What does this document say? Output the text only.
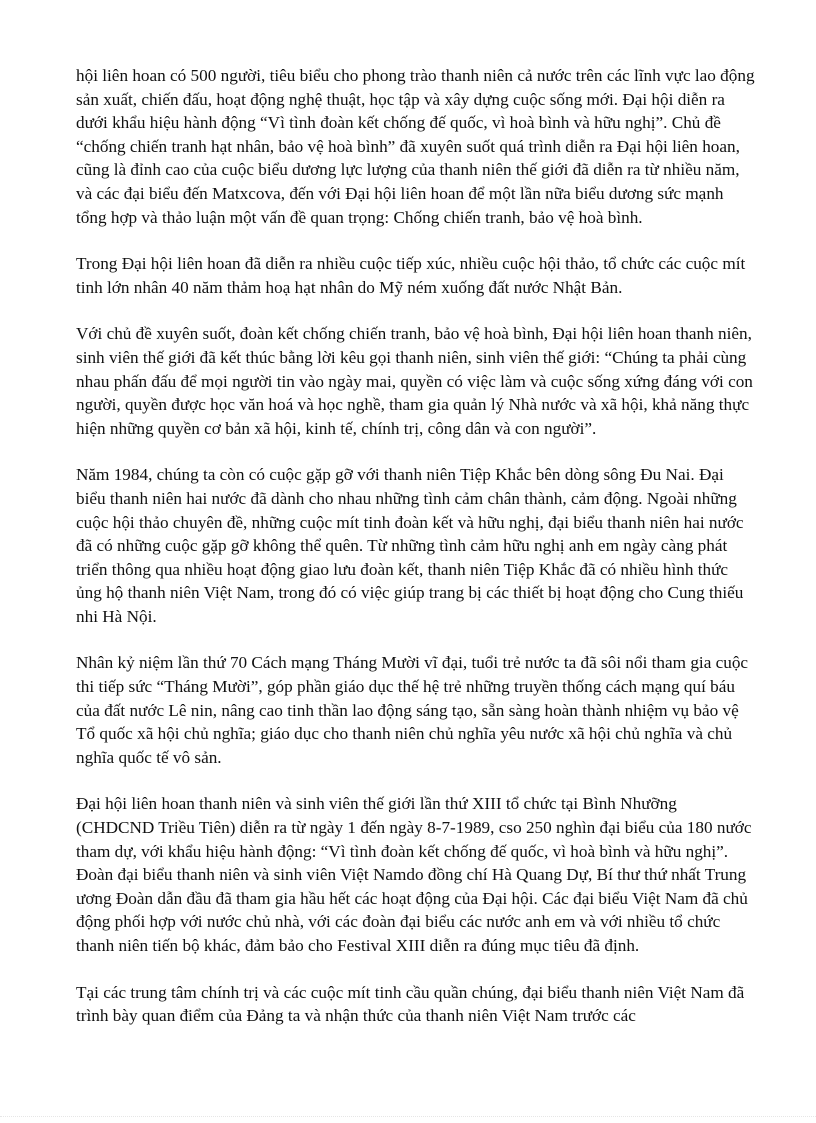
hội liên hoan có 500 người, tiêu biểu cho phong trào thanh niên cả nước trên các lĩnh vực lao động sản xuất, chiến đấu, hoạt động nghệ thuật, học tập và xây dựng cuộc sống mới. Đại hội diễn ra dưới khẩu hiệu hành động “Vì tình đoàn kết chống đế quốc, vì hoà bình và hữu nghị”. Chủ đề “chống chiến tranh hạt nhân, bảo vệ hoà bình” đã xuyên suốt quá trình diễn ra Đại hội liên hoan, cũng là đỉnh cao của cuộc biểu dương lực lượng của thanh niên thế giới đã diễn ra từ nhiều năm, và các đại biểu đến Matxcova, đến với Đại hội liên hoan để một lần nữa biểu dương sức mạnh tổng hợp và thảo luận một vấn đề quan trọng: Chống chiến tranh, bảo vệ hoà bình.

Trong Đại hội liên hoan đã diễn ra nhiều cuộc tiếp xúc, nhiều cuộc hội thảo, tổ chức các cuộc mít tinh lớn nhân 40 năm thảm hoạ hạt nhân do Mỹ ném xuống đất nước Nhật Bản.

Với chủ đề xuyên suốt, đoàn kết chống chiến tranh, bảo vệ hoà bình, Đại hội liên hoan thanh niên, sinh viên thế giới đã kết thúc bằng lời kêu gọi thanh niên, sinh viên thế giới: “Chúng ta phải cùng nhau phấn đấu để mọi người tin vào ngày mai, quyền có việc làm và cuộc sống xứng đáng với con người, quyền được học văn hoá và học nghề, tham gia quản lý Nhà nước và xã hội, khả năng thực hiện những quyền cơ bản xã hội, kinh tế, chính trị, công dân và con người”.

Năm 1984, chúng ta còn có cuộc gặp gỡ với thanh niên Tiệp Khắc bên dòng sông Đu Nai. Đại biểu thanh niên hai nước đã dành cho nhau những tình cảm chân thành, cảm động. Ngoài những cuộc hội thảo chuyên đề, những cuộc mít tinh đoàn kết và hữu nghị, đại biểu thanh niên hai nước đã có những cuộc gặp gỡ không thể quên. Từ những tình cảm hữu nghị anh em ngày càng phát triển thông qua nhiều hoạt động giao lưu đoàn kết, thanh niên Tiệp Khắc đã có nhiều hình thức ủng hộ thanh niên Việt Nam, trong đó có việc giúp trang bị các thiết bị hoạt động cho Cung thiếu nhi Hà Nội.

Nhân kỷ niệm lần thứ 70 Cách mạng Tháng Mười vĩ đại, tuổi trẻ nước ta đã sôi nổi tham gia cuộc thi tiếp sức “Tháng Mười”, góp phần giáo dục thế hệ trẻ những truyền thống cách mạng quí báu của đất nước Lê nin, nâng cao tinh thần lao động sáng tạo, sẵn sàng hoàn thành nhiệm vụ bảo vệ Tổ quốc xã hội chủ nghĩa; giáo dục cho thanh niên chủ nghĩa yêu nước xã hội chủ nghĩa và chủ nghĩa quốc tế vô sản.

Đại hội liên hoan thanh niên và sinh viên thế giới lần thứ XIII tổ chức tại Bình Nhưỡng (CHDCND Triều Tiên) diễn ra từ ngày 1 đến ngày 8-7-1989, cso 250 nghìn đại biểu của 180 nước tham dự, với khẩu hiệu hành động: “Vì tình đoàn kết chống đế quốc, vì hoà bình và hữu nghị”. Đoàn đại biểu thanh niên và sinh viên Việt Namdo đồng chí Hà Quang Dự, Bí thư thứ nhất Trung ương Đoàn dẫn đầu đã tham gia hầu hết các hoạt động của Đại hội. Các đại biểu Việt Nam đã chủ động phối hợp với nước chủ nhà, với các đoàn đại biểu các nước anh em và với nhiều tổ chức thanh niên tiến bộ khác, đảm bảo cho Festival XIII diễn ra đúng mục tiêu đã định.

Tại các trung tâm chính trị và các cuộc mít tinh cầu quần chúng, đại biểu thanh niên Việt Nam đã trình bày quan điểm của Đảng ta và nhận thức của thanh niên Việt Nam trước các
